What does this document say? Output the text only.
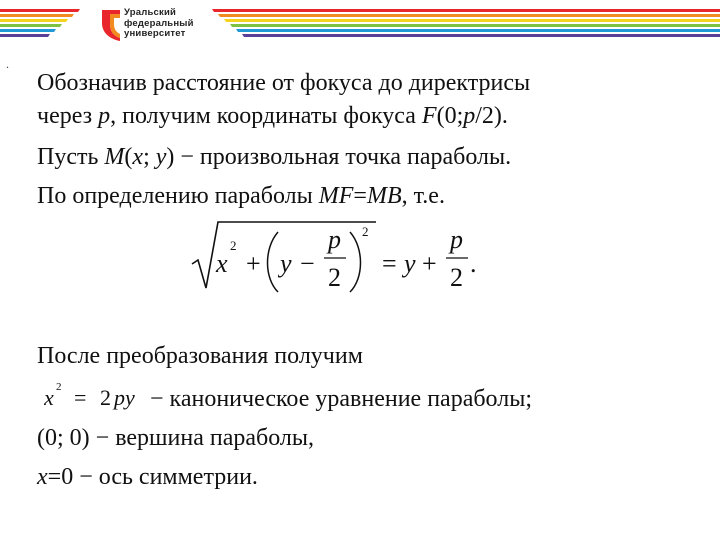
Уральский
федеральный
университет
.
Обозначив расстояние от фокуса до директрисы
через p, получим координаты фокуса F(0;p/2).
Пусть M(x; y) − произвольная точка параболы.
По определению параболы MF=MB, т.е.
x
2
+ y −
p
2
2
= y +
p
2 .
После преобразования получим
x 2 = 2 py − каноническое уравнение параболы;
(0; 0) − вершина параболы,
x=0 − ось симметрии.
